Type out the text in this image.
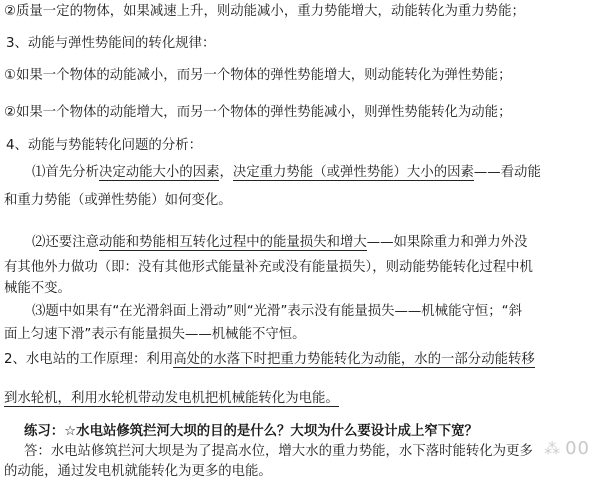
②质量一定的物体，如果减速上升，则动能减小，重力势能增大，动能转化为重力势能；
3、动能与弹性势能间的转化规律：
①如果一个物体的动能减小，而另一个物体的弹性势能增大，则动能转化为弹性势能；
②如果一个物体的动能增大，而另一个物体的弹性势能减小，则弹性势能转化为动能；
4、动能与势能转化问题的分析：
⑴首先分析决定动能大小的因素，决定重力势能（或弹性势能）大小的因素——看动能
和重力势能（或弹性势能）如何变化。
⑵还要注意动能和势能相互转化过程中的能量损失和增大——如果除重力和弹力外没
有其他外力做功（即：没有其他形式能量补充或没有能量损失），则动能势能转化过程中机
械能不变。
⑶题中如果有“在光滑斜面上滑动”则“光滑”表示没有能量损失——机械能守恒；“斜
面上匀速下滑”表示有能量损失——机械能不守恒。
2、水电站的工作原理：利用高处的水落下时把重力势能转化为动能，水的一部分动能转移
到水轮机，利用水轮机带动发电机把机械能转化为电能。
练习：☆水电站修筑拦河大坝的目的是什么？大坝为什么要设计成上窄下宽？
答：水电站修筑拦河大坝是为了提高水位，增大水的重力势能，水下落时能转化为更多
的动能，通过发电机就能转化为更多的电能。
⁂ 00
